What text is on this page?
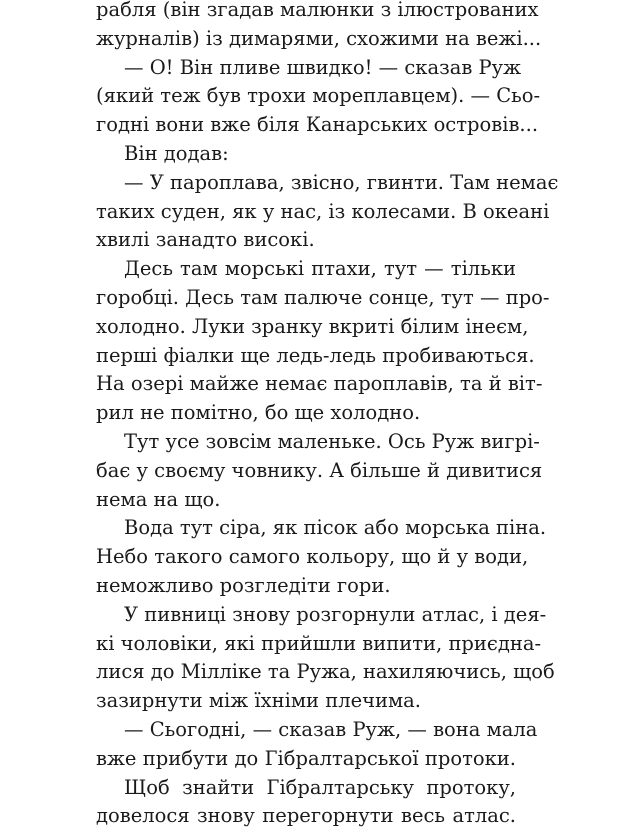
рабля (він згадав малюнки з ілюстрованих
журналів) із димарями, схожими на вежі...
— О! Він пливе швидко! — сказав Руж
(який теж був трохи мореплавцем). — Сьо-
годні вони вже біля Канарських островів...
Він додав:
— У пароплава, звісно, гвинти. Там немає
таких суден, як у нас, із колесами. В океані
хвилі занадто високі.
Десь там морські птахи, тут — тільки
горобці. Десь там палюче сонце, тут — про-
холодно. Луки зранку вкриті білим інеєм,
перші фіалки ще ледь-ледь пробиваються.
На озері майже немає пароплавів, та й віт-
рил не помітно, бо ще холодно.
Тут усе зовсім маленьке. Ось Руж вигрі-
бає у своєму човнику. А більше й дивитися
нема на що.
Вода тут сіра, як пісок або морська піна.
Небо такого самого кольору, що й у води,
неможливо розгледіти гори.
У пивниці знову розгорнули атлас, і дея-
кі чоловіки, які прийшли випити, приєдна-
лися до Мілліке та Ружа, нахиляючись, щоб
зазирнути між їхніми плечима.
— Сьогодні, — сказав Руж, — вона мала
вже прибути до Гібралтарської протоки.
Щоб знайти Гібралтарську протоку,
довелося знову перегорнути весь атлас.
